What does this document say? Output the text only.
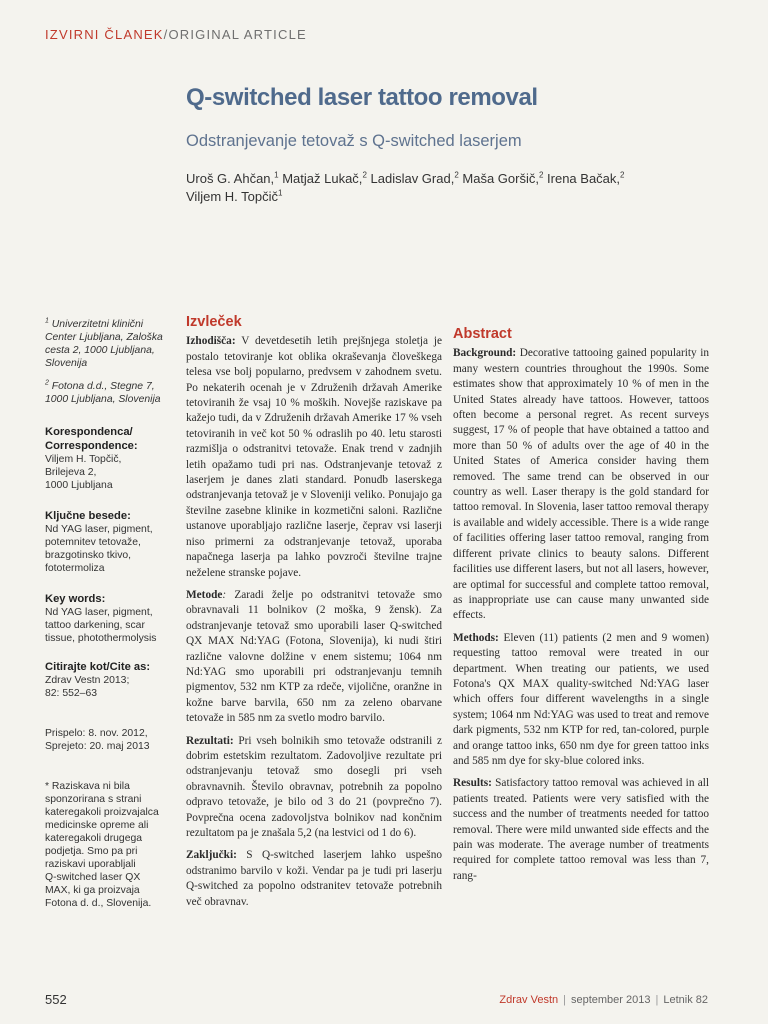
IZVIRNI ČLANEK/ORIGINAL ARTICLE
Q-switched laser tattoo removal
Odstranjevanje tetovaž s Q-switched laserjem
Uroš G. Ahčan,$^1$ Matjaž Lukač,$^2$ Ladislav Grad,$^2$ Maša Goršič,$^2$ Irena Bačak,$^2$
Viljem H. Topčič$^1$
$^1$ Univerzitetni klinični
Center Ljubljana, Zaloška
cesta 2, 1000 Ljubljana,
Slovenija
$^2$ Fotona d.d., Stegne 7,
1000 Ljubljana, Slovenija
Korespondenca/
Correspondence:
Viljem H. Topčič,
Brilejeva 2,
1000 Ljubljana
Ključne besede:
Nd YAG laser, pigment,
potemnitev tetovaže,
brazgotinsko tkivo,
fototermoliza
Key words:
Nd YAG laser, pigment,
tattoo darkening, scar
tissue, photothermolysis
Citirajte kot/Cite as:
Zdrav Vestn 2013;
82: 552–63
Prispelo: 8. nov. 2012,
Sprejeto: 20. maj 2013
* Raziskava ni bila
sponzorirana s strani
kateregakoli proizvajalca
medicinske opreme ali
kateregakoli drugega
podjetja. Smo pa pri
raziskavi uporabljali
Q-switched laser QX
MAX, ki ga proizvaja
Fotona d. d., Slovenija.
Izvleček

Izhodišča: V devetdesetih letih prejšnjega stoletja je postalo tetoviranje kot oblika okraševanja človeškega telesa vse bolj popularno, predvsem v zahodnem svetu. Po nekaterih ocenah je v Združenih državah Amerike tetoviranih že vsaj 10 % moških. Novejše raziskave pa kažejo tudi, da v Združenih državah Amerike 17 % vseh tetoviranih in več kot 50 % odraslih po 40. letu starosti razmišlja o odstranitvi tetovaže. Enak trend v zadnjih letih opažamo tudi pri nas. Odstranjevanje tetovaž z laserjem je danes zlati standard. Ponudb laserskega odstranjevanja tetovaž je v Sloveniji veliko. Ponujajo ga številne zasebne klinike in kozmetični saloni. Različne ustanove uporabljajo različne laserje, čeprav vsi laserji niso primerni za odstranjevanje tetovaž, uporaba napačnega laserja pa lahko povzroči številne trajne neželene stranske pojave.

Metode: Zaradi želje po odstranitvi tetovaže smo obravnavali 11 bolnikov (2 moška, 9 žensk). Za odstranjevanje tetovaž smo uporabili laser Q-switched QX MAX Nd:YAG (Fotona, Slovenija), ki nudi štiri različne valovne dolžine v enem sistemu; 1064 nm Nd:YAG smo uporabili pri odstranjevanju temnih pigmentov, 532 nm KTP za rdeče, vijolične, oranžne in kožne barve barvila, 650 nm za zeleno obarvane tetovaže in 585 nm za svetlo modro barvilo.

Rezultati: Pri vseh bolnikih smo tetovaže odstranili z dobrim estetskim rezultatom. Zadovoljive rezultate pri odstranjevanju tetovaž smo dosegli pri vseh obravnavnih. Število obravnav, potrebnih za popolno odpravo tetovaže, je bilo od 3 do 21 (povprečno 7). Povprečna ocena zadovoljstva bolnikov nad končnim rezultatom pa je znašala 5,2 (na lestvici od 1 do 6).

Zaključki: S Q-switched laserjem lahko uspešno odstranimo barvilo v koži. Vendar pa je tudi pri laserju Q-switched za popolno odstranitev tetovaže potrebnih več obravnav.

Abstract

Background: Decorative tattooing gained popularity in many western countries throughout the 1990s. Some estimates show that approximately 10 % of men in the United States already have tattoos. However, tattoos often become a personal regret. As recent surveys suggest, 17 % of people that have obtained a tattoo and more than 50 % of adults over the age of 40 in the United States of America consider having them removed. The same trend can be observed in our country as well. Laser therapy is the gold standard for tattoo removal. In Slovenia, laser tattoo removal therapy is available and widely accessible. There is a wide range of facilities offering laser tattoo removal, ranging from different private clinics to beauty salons. Different facilities use different lasers, but not all lasers, however, are optimal for successful and complete tattoo removal, as inappropriate use can cause many unwanted side effects.

Methods: Eleven (11) patients (2 men and 9 women) requesting tattoo removal were treated in our department. When treating our patients, we used Fotona's QX MAX quality-switched Nd:YAG laser which offers four different wavelengths in a single system; 1064 nm Nd:YAG was used to treat and remove dark pigments, 532 nm KTP for red, tan-colored, purple and orange tattoo inks, 650 nm dye for green tattoo inks and 585 nm dye for sky-blue colored inks.

Results: Satisfactory tattoo removal was achieved in all patients treated. Patients were very satisfied with the success and the number of treatments needed for tattoo removal. There were mild unwanted side effects and the pain was moderate. The average number of treatments required for complete tattoo removal was less than 7, rang-

552	Zdrav Vestn | september 2013 | Letnik 82
